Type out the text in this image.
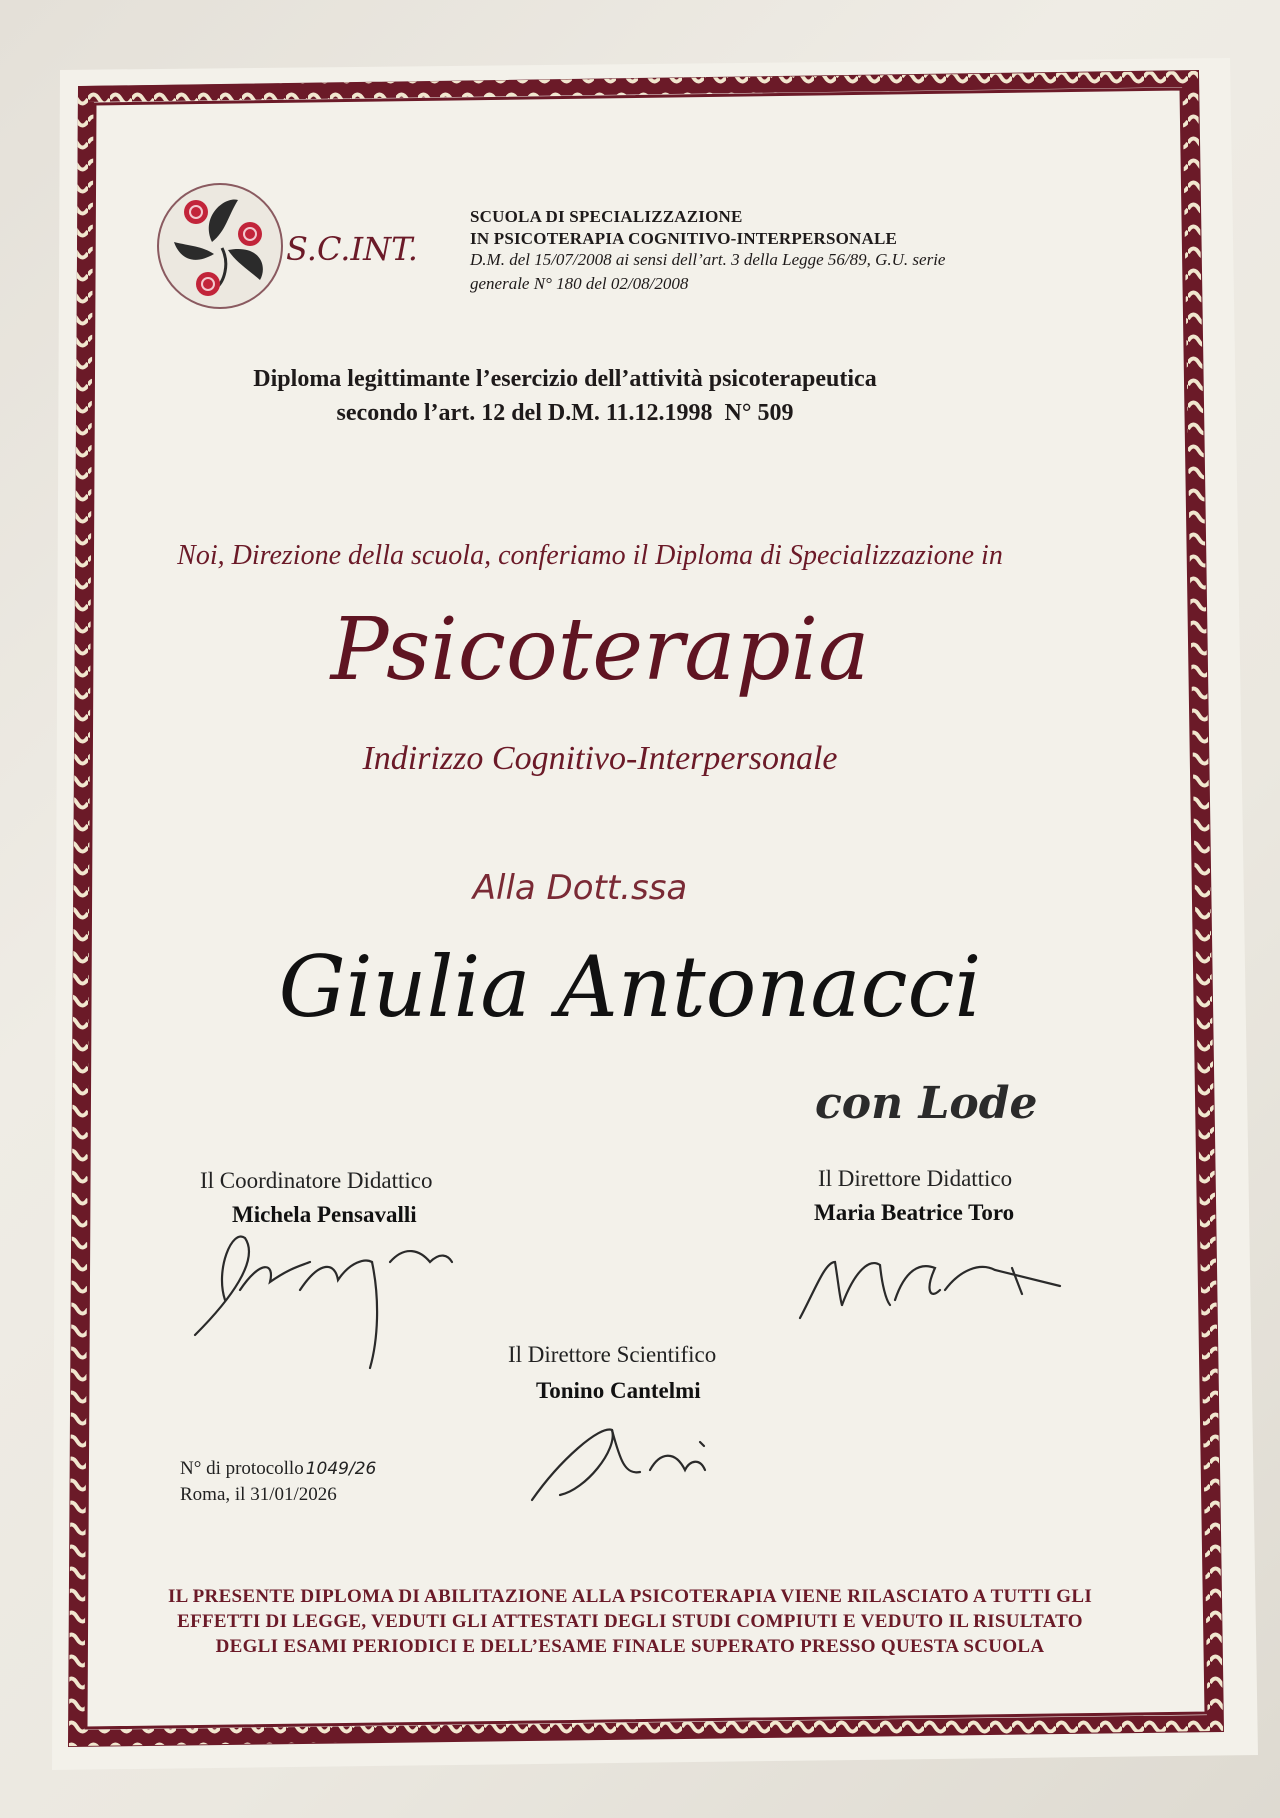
S.C.INT.
SCUOLA DI SPECIALIZZAZIONE
IN PSICOTERAPIA COGNITIVO-INTERPERSONALE
D.M. del 15/07/2008 ai sensi dell’art. 3 della Legge 56/89, G.U. serie
generale N° 180 del 02/08/2008
Diploma legittimante l’esercizio dell’attività psicoterapeutica
secondo l’art. 12 del D.M. 11.12.1998  N° 509
Noi, Direzione della scuola, conferiamo il Diploma di Specializzazione in
Psicoterapia
Indirizzo Cognitivo-Interpersonale
Alla Dott.ssa
Giulia Antonacci
con Lode
Il Coordinatore Didattico
Michela Pensavalli
Il Direttore Didattico
Maria Beatrice Toro
Il Direttore Scientifico
Tonino Cantelmi
N° di protocollo 1049/26
Roma, il 31/01/2026
IL PRESENTE DIPLOMA DI ABILITAZIONE ALLA PSICOTERAPIA VIENE RILASCIATO A TUTTI GLI
EFFETTI DI LEGGE, VEDUTI GLI ATTESTATI DEGLI STUDI COMPIUTI E VEDUTO IL RISULTATO
DEGLI ESAMI PERIODICI E DELL’ESAME FINALE SUPERATO PRESSO QUESTA SCUOLA
